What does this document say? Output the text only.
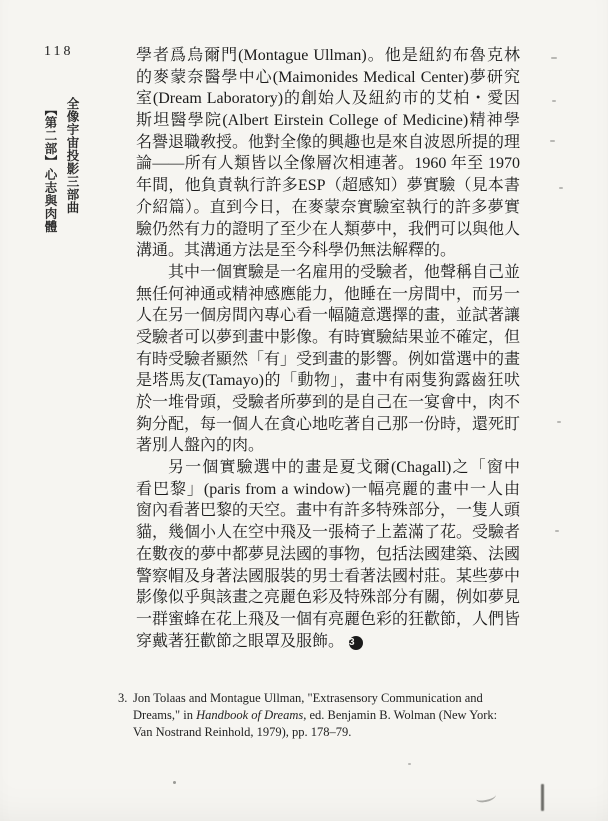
118
全像宇宙投影三部曲
【第二部】心志與肉體
學者爲烏爾門(Montague Ullman)。他是紐約布魯克林
的麥蒙奈醫學中心(Maimonides Medical Center)夢研究
室(Dream Laboratory)的創始人及紐約市的艾柏・愛因
斯坦醫學院(Albert Eirstein College of Medicine)精神學
名譽退職敎授。他對全像的興趣也是來自波恩所提的理
論——所有人類皆以全像層次相連著。1960 年至 1970
年間，他負責執行許多ESP（超感知）夢實驗（見本書
介紹篇）。直到今日，在麥蒙奈實驗室執行的許多夢實
驗仍然有力的證明了至少在人類夢中，我們可以與他人
溝通。其溝通方法是至今科學仍無法解釋的。
其中一個實驗是一名雇用的受驗者，他聲稱自己並
無任何神通或精神感應能力，他睡在一房間中，而另一
人在另一個房間內專心看一幅隨意選擇的畫，並試著讓
受驗者可以夢到畫中影像。有時實驗結果並不確定，但
有時受驗者顯然「有」受到畫的影響。例如當選中的畫
是塔馬友(Tamayo)的「動物」，畫中有兩隻狗露齒狂吠
於一堆骨頭，受驗者所夢到的是自己在一宴會中，肉不
夠分配，每一個人在貪心地吃著自己那一份時，還死盯
著別人盤內的肉。
另一個實驗選中的畫是夏戈爾(Chagall)之「窗中
看巴黎」(paris from a window)一幅亮麗的畫中一人由
窗內看著巴黎的天空。畫中有許多特殊部分，一隻人頭
貓，幾個小人在空中飛及一張椅子上蓋滿了花。受驗者
在數夜的夢中都夢見法國的事物，包括法國建築、法國
警察帽及身著法國服裝的男士看著法國村莊。某些夢中
影像似乎與該畫之亮麗色彩及特殊部分有關，例如夢見
一群蜜蜂在花上飛及一個有亮麗色彩的狂歡節，人們皆
穿戴著狂歡節之眼罩及服飾。 3
3. Jon Tolaas and Montague Ullman, "Extrasensory Communication and
Dreams," in Handbook of Dreams, ed. Benjamin B. Wolman (New York:
Van Nostrand Reinhold, 1979), pp. 178–79.
